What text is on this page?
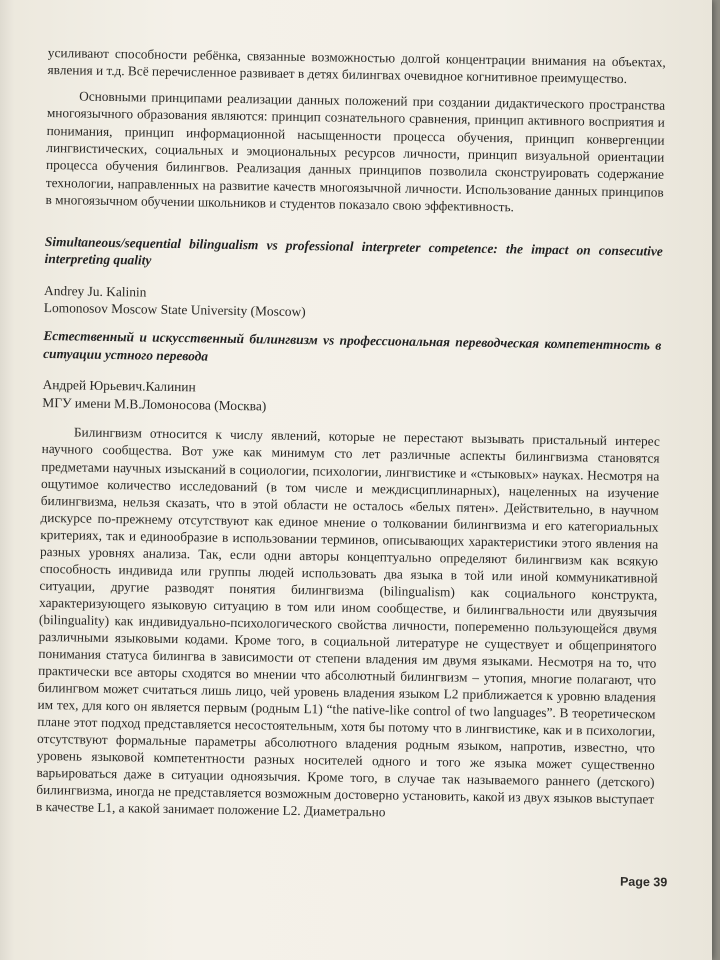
усиливают способности ребёнка, связанные возможностью долгой концентрации внимания на объектах, явления и т.д. Всё перечисленное развивает в детях билингвах очевидное когнитивное преимущество.

Основными принципами реализации данных положений при создании дидактического пространства многоязычного образования являются: принцип сознательного сравнения, принцип активного восприятия и понимания, принцип информационной насыщенности процесса обучения, принцип конвергенции лингвистических, социальных и эмоциональных ресурсов личности, принцип визуальной ориентации процесса обучения билингвов. Реализация данных принципов позволила сконструировать содержание технологии, направленных на развитие качеств многоязычной личности. Использование данных принципов в многоязычном обучении школьников и студентов показало свою эффективность.

Simultaneous/sequential bilingualism vs professional interpreter competence: the impact on consecutive interpreting quality

Andrey Ju. Kalinin

Lomonosov Moscow State University (Moscow)

Естественный и искусственный билингвизм vs профессиональная переводческая компетентность в ситуации устного перевода

Андрей Юрьевич.Калинин

МГУ имени М.В.Ломоносова (Москва)

Билингвизм относится к числу явлений, которые не перестают вызывать пристальный интерес научного сообщества. Вот уже как минимум сто лет различные аспекты билингвизма становятся предметами научных изысканий в социологии, психологии, лингвистике и «стыковых» науках. Несмотря на ощутимое количество исследований (в том числе и междисциплинарных), нацеленных на изучение билингвизма, нельзя сказать, что в этой области не осталось «белых пятен». Действительно, в научном дискурсе по-прежнему отсутствуют как единое мнение о толковании билингвизма и его категориальных критериях, так и единообразие в использовании терминов, описывающих характеристики этого явления на разных уровнях анализа. Так, если одни авторы концептуально определяют билингвизм как всякую способность индивида или группы людей использовать два языка в той или иной коммуникативной ситуации, другие разводят понятия билингвизма (bilingualism) как социального конструкта, характеризующего языковую ситуацию в том или ином сообществе, и билингвальности или двуязычия (bilinguality) как индивидуально-психологического свойства личности, попеременно пользующейся двумя различными языковыми кодами. Кроме того, в социальной литературе не существует и общепринятого понимания статуса билингва в зависимости от степени владения им двумя языками. Несмотря на то, что практически все авторы сходятся во мнении что абсолютный билингвизм – утопия, многие полагают, что билингвом может считаться лишь лицо, чей уровень владения языком L2 приближается к уровню владения им тех, для кого он является первым (родным L1) “the native-like control of two languages”. В теоретическом плане этот подход представляется несостоятельным, хотя бы потому что в лингвистике, как и в психологии, отсутствуют формальные параметры абсолютного владения родным языком, напротив, известно, что уровень языковой компетентности разных носителей одного и того же языка может существенно варьироваться даже в ситуации одноязычия. Кроме того, в случае так называемого раннего (детского) билингвизма, иногда не представляется возможным достоверно установить, какой из двух языков выступает в качестве L1, а какой занимает положение L2. Диаметрально

Page 39
